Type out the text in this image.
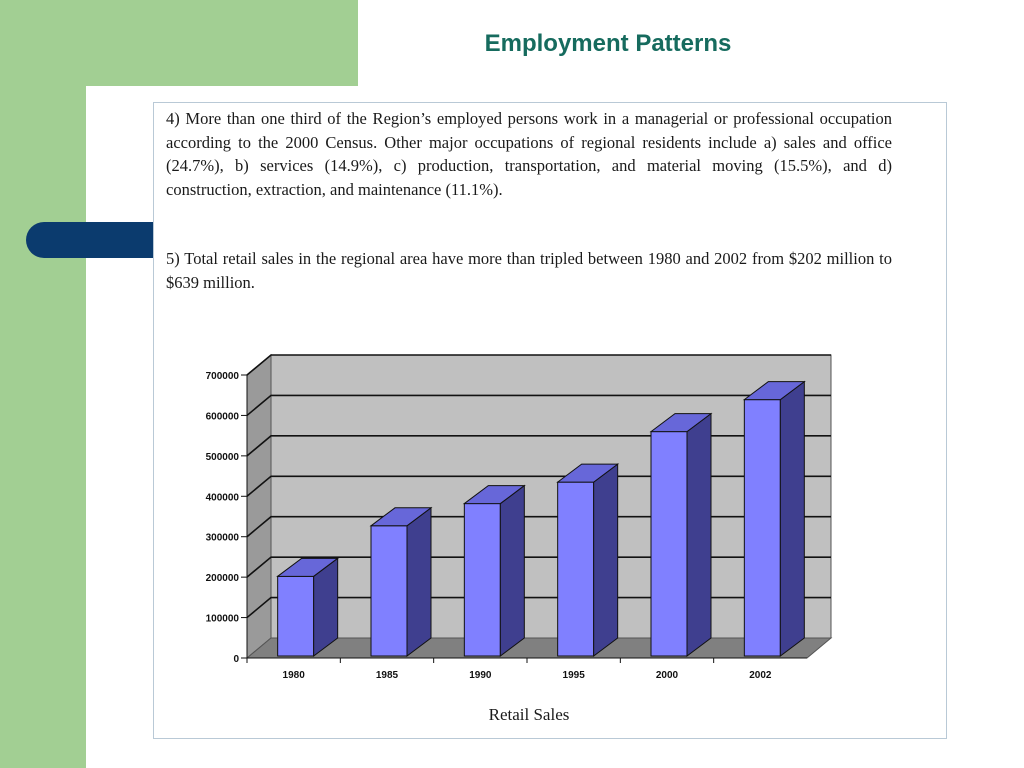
Employment Patterns

4) More than one third of the Region’s employed persons work in a managerial or professional occupation according to the 2000 Census. Other major occupations of regional residents include a) sales and office (24.7%), b) services (14.9%), c) production, transportation, and material moving (15.5%), and d) construction, extraction, and maintenance (11.1%).

5) Total retail sales in the regional area have more than tripled between 1980 and 2002 from $202 million to $639 million.

0
100000
200000
300000
400000
500000
600000
700000
1980	1985	1990	1995	2000	2002
Retail Sales
